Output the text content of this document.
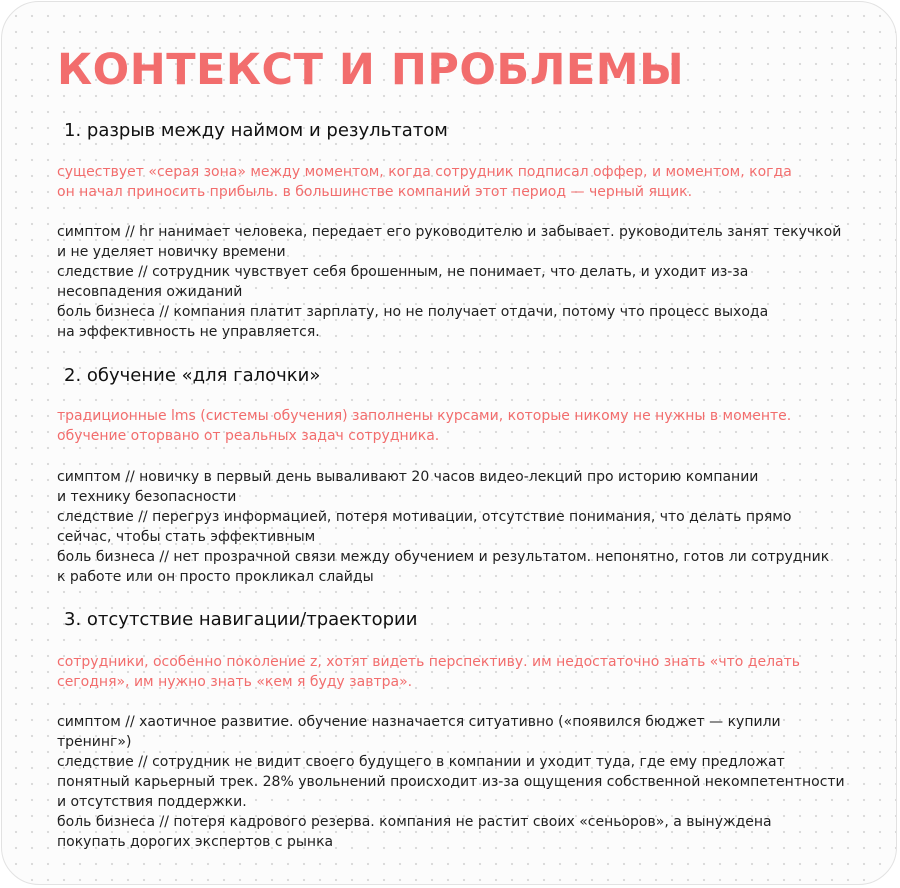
КОНТЕКСТ И ПРОБЛЕМЫ
1. разрыв между наймом и результатом

существует «серая зона» между моментом, когда сотрудник подписал оффер, и моментом, когда
он начал приносить прибыль. в большинстве компаний этот период — черный ящик.

симптом // hr нанимает человека, передает его руководителю и забывает. руководитель занят текучкой
и не уделяет новичку времени
следствие // сотрудник чувствует себя брошенным, не понимает, что делать, и уходит из-за
несовпадения ожиданий
боль бизнеса // компания платит зарплату, но не получает отдачи, потому что процесс выхода
на эффективность не управляется.

2. обучение «для галочки»

традиционные lms (системы обучения) заполнены курсами, которые никому не нужны в моменте.
обучение оторвано от реальных задач сотрудника.

симптом // новичку в первый день вываливают 20 часов видео-лекций про историю компании
и технику безопасности
следствие // перегруз информацией, потеря мотивации, отсутствие понимания, что делать прямо
сейчас, чтобы стать эффективным
боль бизнеса // нет прозрачной связи между обучением и результатом. непонятно, готов ли сотрудник
к работе или он просто прокликал слайды

3. отсутствие навигации/траектории

сотрудники, особенно поколение z, хотят видеть перспективу. им недостаточно знать «что делать
сегодня», им нужно знать «кем я буду завтра».

симптом // хаотичное развитие. обучение назначается ситуативно («появился бюджет — купили
тренинг»)
следствие // сотрудник не видит своего будущего в компании и уходит туда, где ему предложат
понятный карьерный трек. 28% увольнений происходит из-за ощущения собственной некомпетентности
и отсутствия поддержки.
боль бизнеса // потеря кадрового резерва. компания не растит своих «сеньоров», а вынуждена
покупать дорогих экспертов с рынка
